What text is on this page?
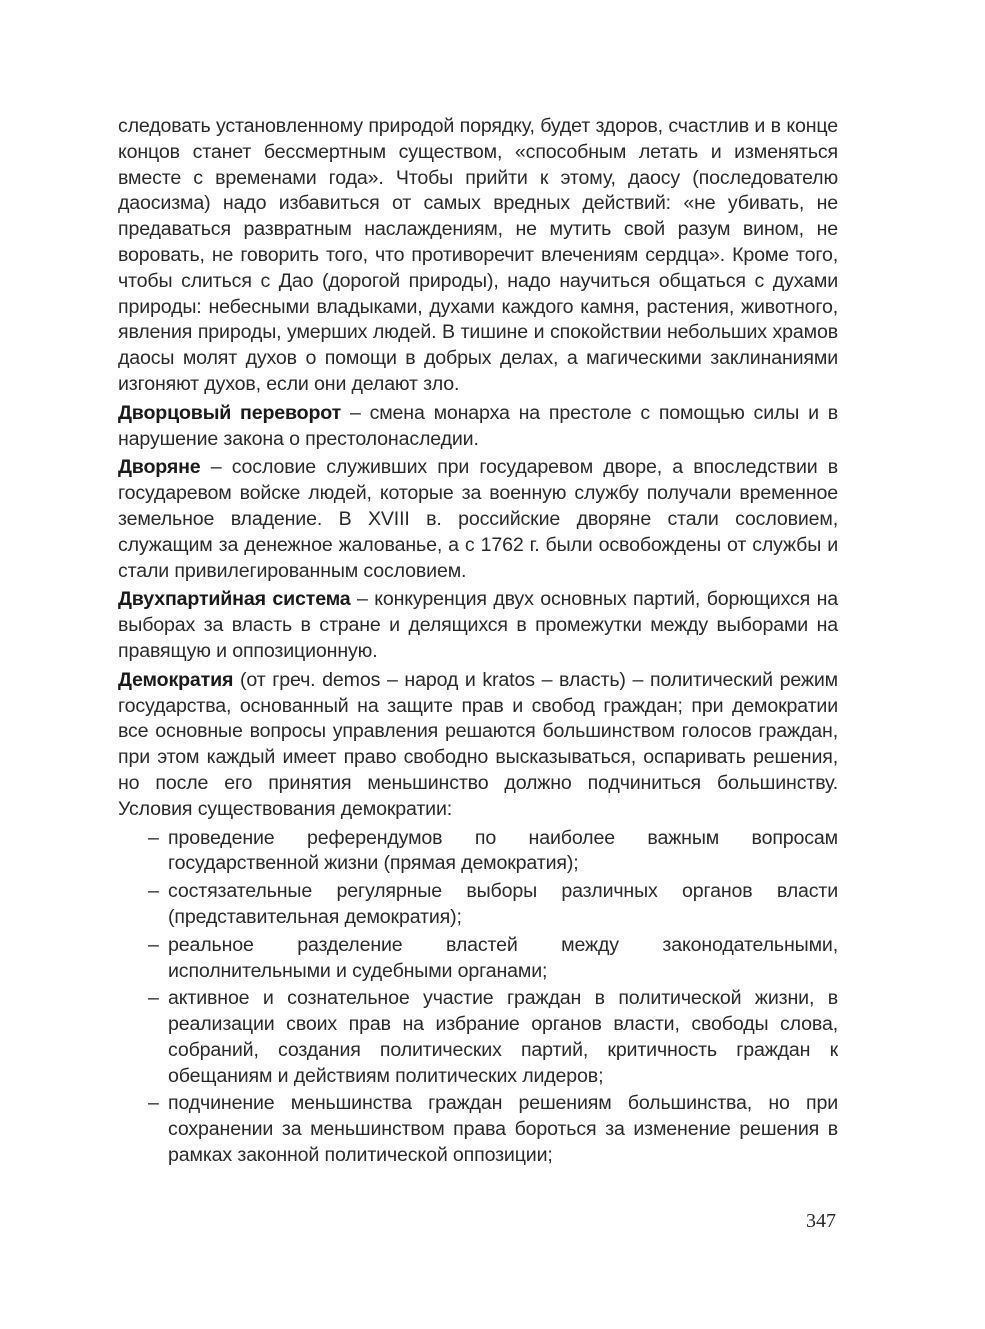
следовать установленному природой порядку, будет здоров, счастлив и в конце концов станет бессмертным существом, «способным летать и изменяться вместе с временами года». Чтобы прийти к этому, даосу (последователю даосизма) надо избавиться от самых вредных действий: «не убивать, не предаваться развратным наслаждениям, не мутить свой разум вином, не воровать, не говорить того, что противоречит влечениям сердца». Кроме того, чтобы слиться с Дао (дорогой природы), надо научиться общаться с духами природы: небесными владыками, духами каждого камня, растения, животного, явления природы, умерших людей. В тишине и спокойствии небольших храмов даосы молят духов о помощи в добрых делах, а магическими заклинаниями изгоняют духов, если они делают зло.

Дворцовый переворот – смена монарха на престоле с помощью силы и в нарушение закона о престолонаследии.

Дворяне – сословие служивших при государевом дворе, а впоследствии в государевом войске людей, которые за военную службу получали временное земельное владение. В XVIII в. российские дворяне стали сословием, служащим за денежное жалованье, а с 1762 г. были освобождены от службы и стали привилегированным сословием.

Двухпартийная система – конкуренция двух основных партий, борющихся на выборах за власть в стране и делящихся в промежутки между выборами на правящую и оппозиционную.

Демократия (от греч. demos – народ и kratos – власть) – политический режим государства, основанный на защите прав и свобод граждан; при демократии все основные вопросы управления решаются большинством голосов граждан, при этом каждый имеет право свободно высказываться, оспаривать решения, но после его принятия меньшинство должно подчиниться большинству. Условия существования демократии:

– проведение референдумов по наиболее важным вопросам государственной жизни (прямая демократия);
– состязательные регулярные выборы различных органов власти (представительная демократия);
– реальное разделение властей между законодательными, исполнительными и судебными органами;
– активное и сознательное участие граждан в политической жизни, в реализации своих прав на избрание органов власти, свободы слова, собраний, создания политических партий, критичность граждан к обещаниям и действиям политических лидеров;
– подчинение меньшинства граждан решениям большинства, но при сохранении за меньшинством права бороться за изменение решения в рамках законной политической оппозиции;
347
